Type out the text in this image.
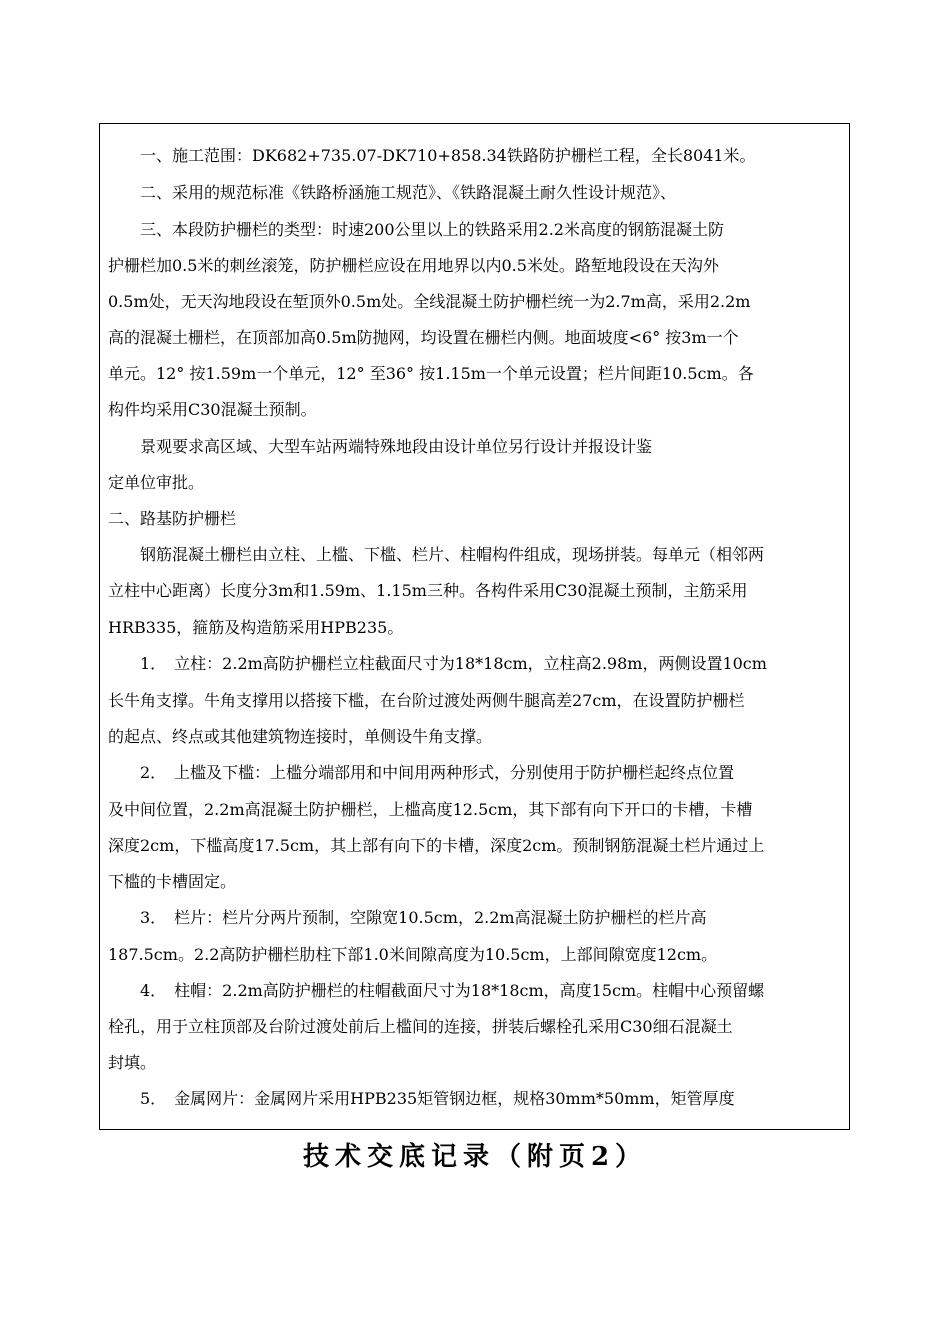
　　一、施工范围：DK682+735.07-DK710+858.34铁路防护栅栏工程，全长8041米。
　　二、采用的规范标准《铁路桥涵施工规范》、《铁路混凝土耐久性设计规范》、
　　三、本段防护栅栏的类型：时速200公里以上的铁路采用2.2米高度的钢筋混凝土防
护栅栏加0.5米的刺丝滚笼，防护栅栏应设在用地界以内0.5米处。路堑地段设在天沟外
0.5m处，无天沟地段设在堑顶外0.5m处。全线混凝土防护栅栏统一为2.7m高，采用2.2m
高的混凝土栅栏，在顶部加高0.5m防抛网，均设置在栅栏内侧。地面坡度<6° 按3m一个
单元。12° 按1.59m一个单元，12° 至36° 按1.15m一个单元设置；栏片间距10.5cm。各
构件均采用C30混凝土预制。
　　景观要求高区域、大型车站两端特殊地段由设计单位另行设计并报设计鉴
定单位审批。
二、路基防护栅栏
　　钢筋混凝土栅栏由立柱、上槛、下槛、栏片、柱帽构件组成，现场拼装。每单元（相邻两
立柱中心距离）长度分3m和1.59m、1.15m三种。各构件采用C30混凝土预制，主筋采用
HRB335，箍筋及构造筋采用HPB235。
　　1．　立柱：2.2m高防护栅栏立柱截面尺寸为18*18cm，立柱高2.98m，两侧设置10cm
长牛角支撑。牛角支撑用以搭接下槛，在台阶过渡处两侧牛腿高差27cm，在设置防护栅栏
的起点、终点或其他建筑物连接时，单侧设牛角支撑。
　　2．　上槛及下槛：上槛分端部用和中间用两种形式，分别使用于防护栅栏起终点位置
及中间位置，2.2m高混凝土防护栅栏，上槛高度12.5cm，其下部有向下开口的卡槽，卡槽
深度2cm，下槛高度17.5cm，其上部有向下的卡槽，深度2cm。预制钢筋混凝土栏片通过上
下槛的卡槽固定。
　　3．　栏片：栏片分两片预制，空隙宽10.5cm，2.2m高混凝土防护栅栏的栏片高
187.5cm。2.2高防护栅栏肋柱下部1.0米间隙高度为10.5cm，上部间隙宽度12cm。
　　4．　柱帽：2.2m高防护栅栏的柱帽截面尺寸为18*18cm，高度15cm。柱帽中心预留螺
栓孔，用于立柱顶部及台阶过渡处前后上槛间的连接，拼装后螺栓孔采用C30细石混凝土
封填。
　　5．　金属网片：金属网片采用HPB235矩管钢边框，规格30mm*50mm，矩管厚度
技术交底记录（附页2）
